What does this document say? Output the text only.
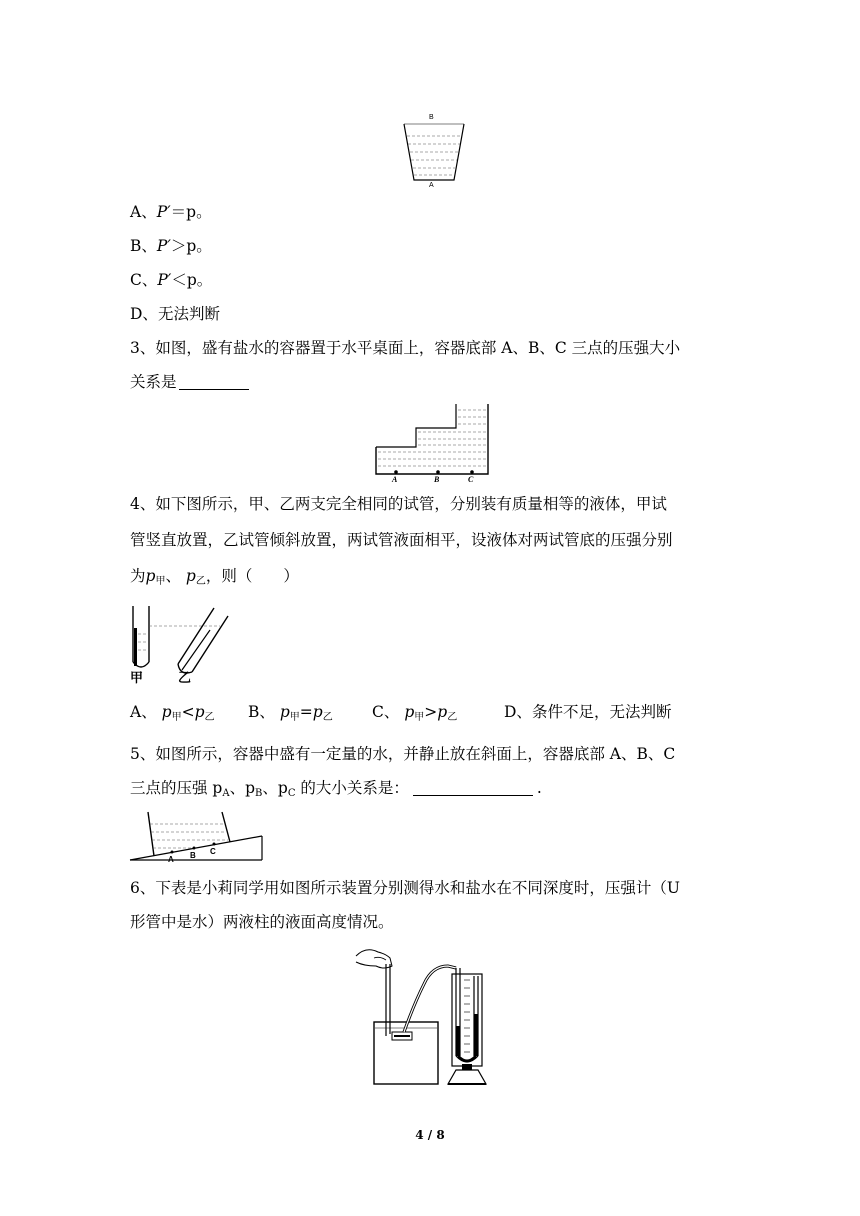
B
A
A、P′＝p。
B、P′＞p。
C、P′＜p。
D、无法判断
3、如图，盛有盐水的容器置于水平桌面上，容器底部 A、B、C 三点的压强大小
关系是
A	B	C
4、如下图所示，甲、乙两支完全相同的试管，分别装有质量相等的液体，甲试
管竖直放置，乙试管倾斜放置，两试管液面相平，设液体对两试管底的压强分别
为$p_甲$、 $p_乙$，则（　　）
甲	乙
A、 $p_甲<p_乙$ B、 $p_甲=p_乙$	C、 $p_甲>p_乙$	D、条件不足，无法判断
5、如图所示，容器中盛有一定量的水，并静止放在斜面上，容器底部 A、B、C
三点的压强 $p_A$、$p_B$、$p_C$ 的大小关系是：	.
A B C
6、下表是小莉同学用如图所示装置分别测得水和盐水在不同深度时，压强计（U
形管中是水）两液柱的液面高度情况。
4 / 8
